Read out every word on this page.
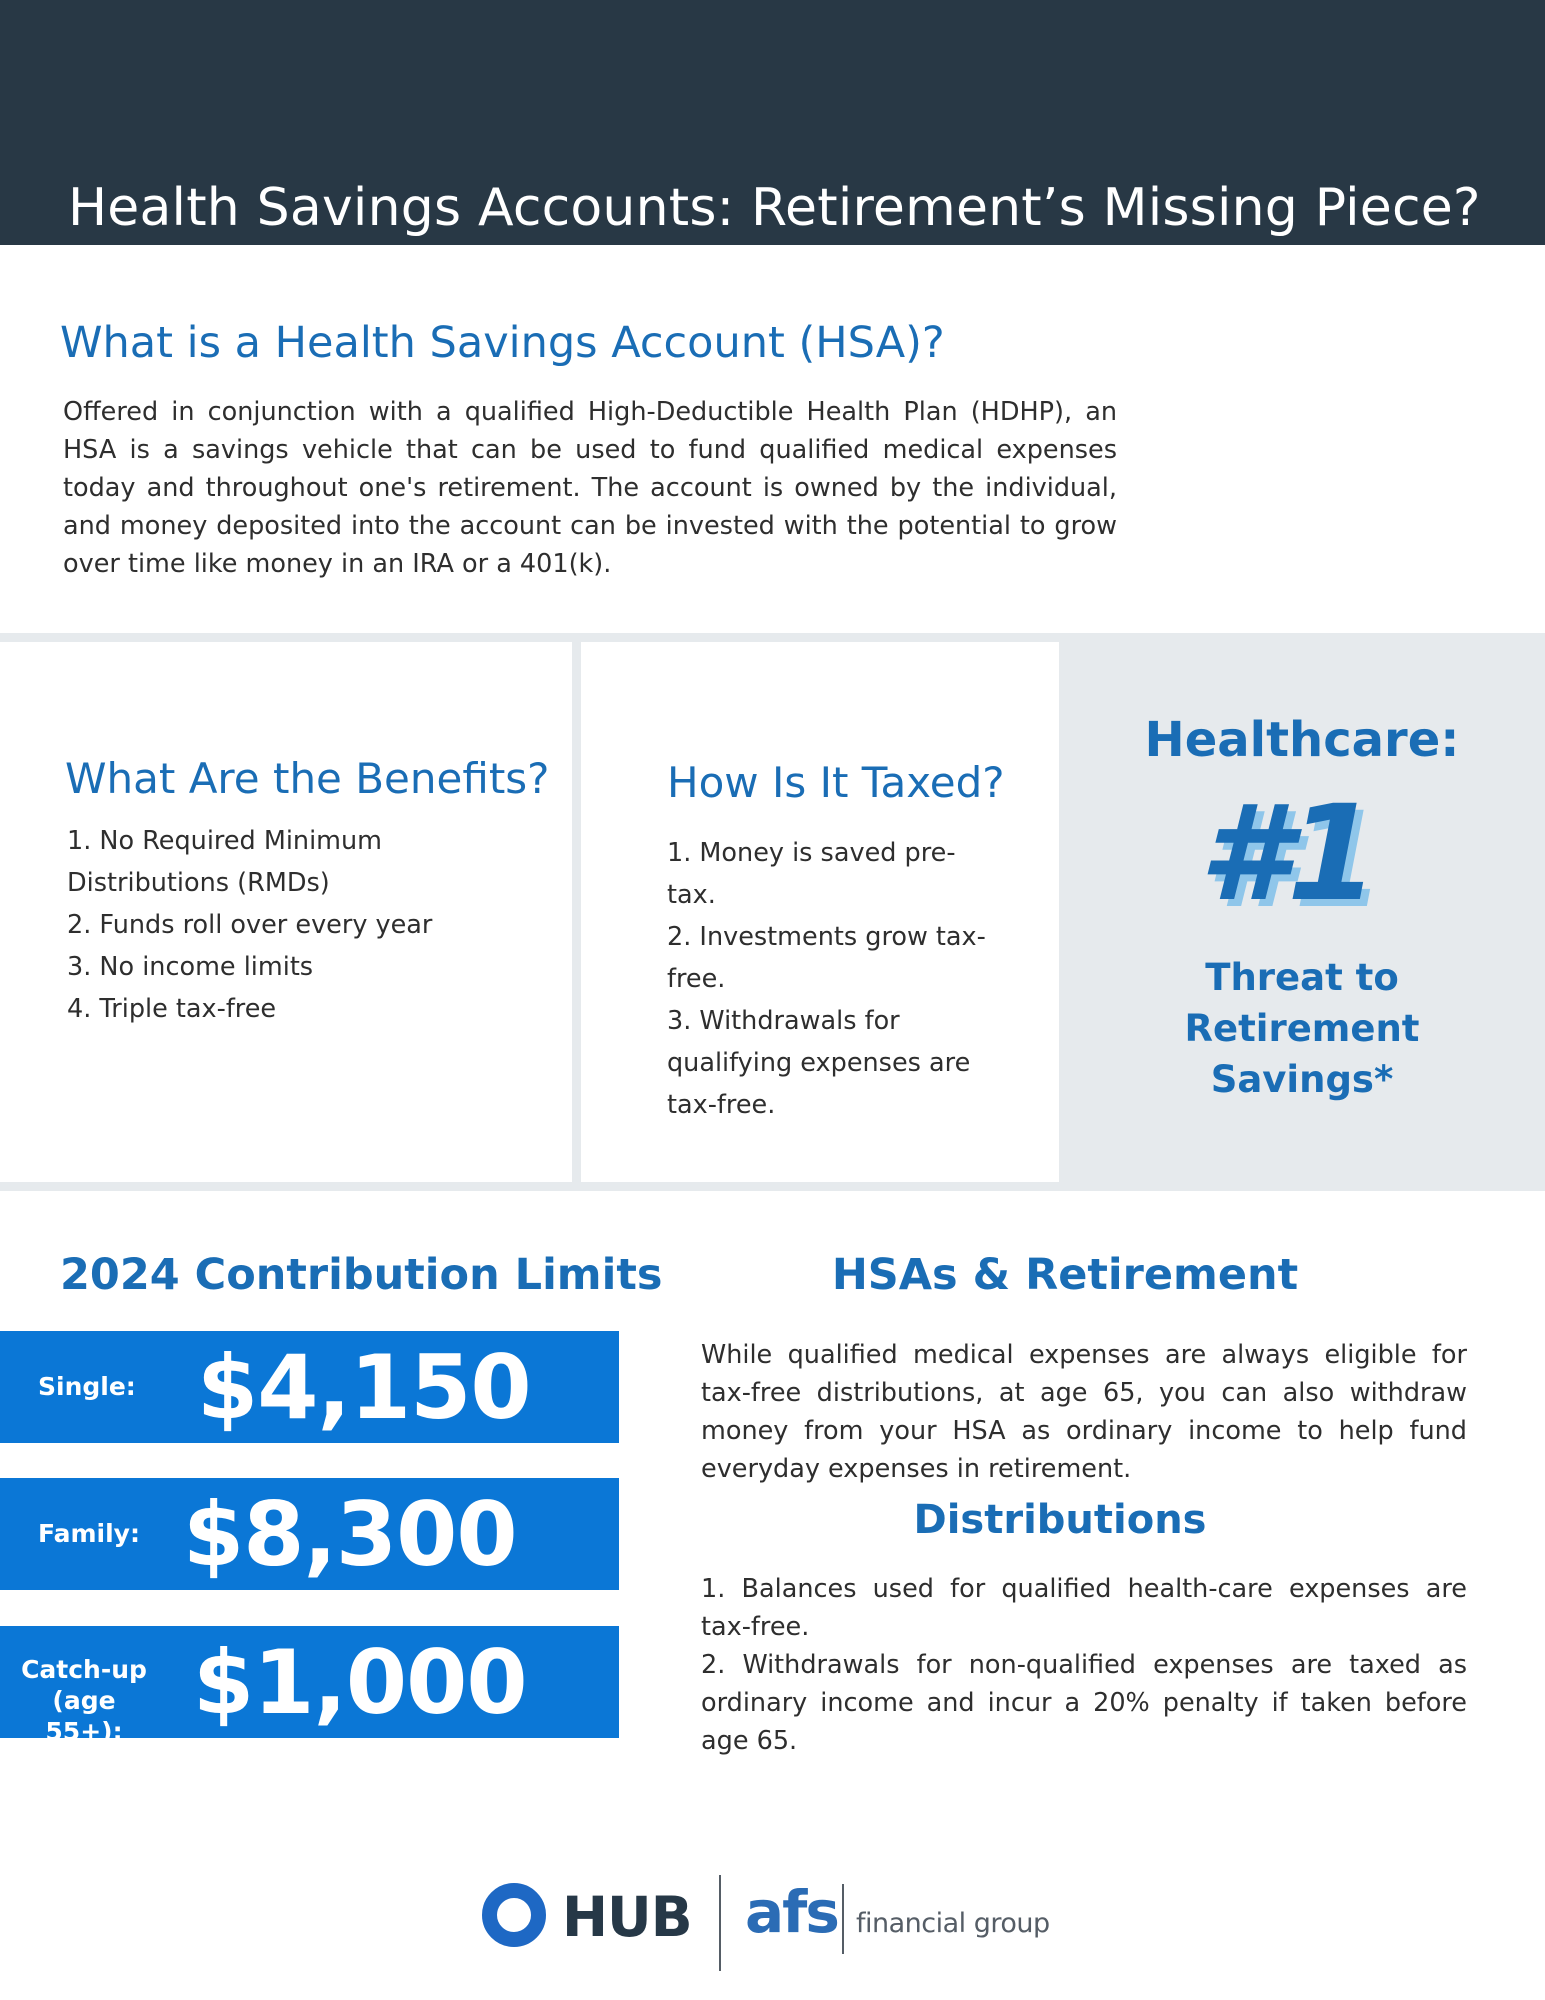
Health Savings Accounts: Retirement’s Missing Piece?
What is a Health Savings Account (HSA)?

Offered in conjunction with a qualified High-Deductible Health Plan (HDHP), an HSA is a savings vehicle that can be used to fund qualified medical expenses today and throughout one's retirement. The account is owned by the individual, and money deposited into the account can be invested with the potential to grow over time like money in an IRA or a 401(k).

What Are the Benefits?
1. No Required Minimum Distributions (RMDs)
2. Funds roll over every year
3. No income limits
4. Triple tax-free
How Is It Taxed?
1. Money is saved pre-tax.
2. Investments grow tax-free.
3. Withdrawals for qualifying expenses are tax-free.
Healthcare:
#1
Threat to Retirement Savings*
2024 Contribution Limits
Single: $4,150
Family: $8,300
Catch-up (age 55+): $1,000
HSAs & Retirement

While qualified medical expenses are always eligible for tax-free distributions, at age 65, you can also withdraw money from your HSA as ordinary income to help fund everyday expenses in retirement.

Distributions
1. Balances used for qualified health-care expenses are tax-free.
2. Withdrawals for non-qualified expenses are taxed as ordinary income and incur a 20% penalty if taken before age 65.
HUB afs financial group
